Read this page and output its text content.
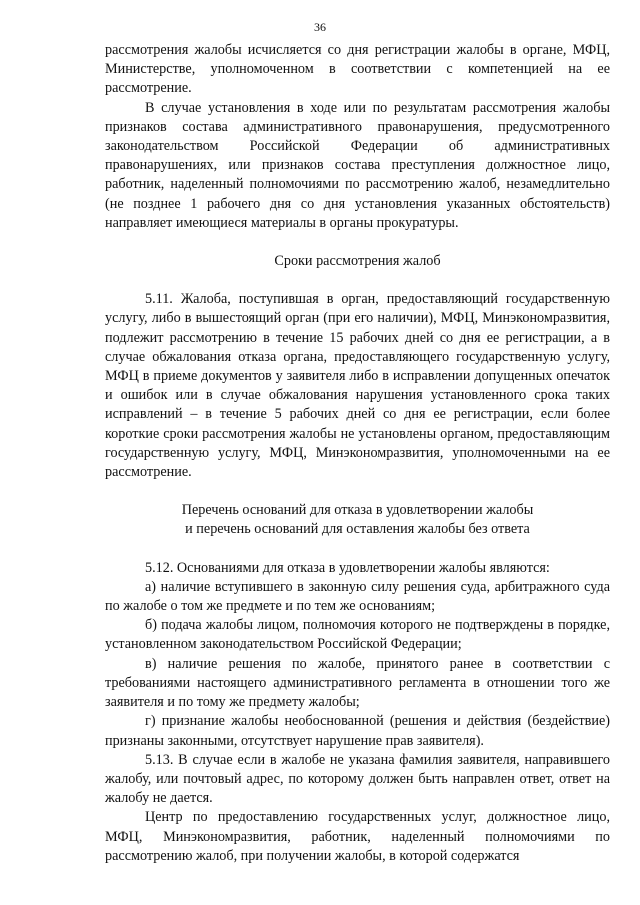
36

рассмотрения жалобы исчисляется со дня регистрации жалобы в органе, МФЦ, Министерстве, уполномоченном в соответствии с компетенцией на ее рассмотрение.

В случае установления в ходе или по результатам рассмотрения жалобы признаков состава административного правонарушения, предусмотренного законодательством Российской Федерации об административных правонарушениях, или признаков состава преступления должностное лицо, работник, наделенный полномочиями по рассмотрению жалоб, незамедлительно (не позднее 1 рабочего дня со дня установления указанных обстоятельств) направляет имеющиеся материалы в органы прокуратуры.

Сроки рассмотрения жалоб

5.11. Жалоба, поступившая в орган, предоставляющий государственную услугу, либо в вышестоящий орган (при его наличии), МФЦ, Минэкономразвития, подлежит рассмотрению в течение 15 рабочих дней со дня ее регистрации, а в случае обжалования отказа органа, предоставляющего государственную услугу, МФЦ в приеме документов у заявителя либо в исправлении допущенных опечаток и ошибок или в случае обжалования нарушения установленного срока таких исправлений – в течение 5 рабочих дней со дня ее регистрации, если более короткие сроки рассмотрения жалобы не установлены органом, предоставляющим государственную услугу, МФЦ, Минэкономразвития, уполномоченными на ее рассмотрение.

Перечень оснований для отказа в удовлетворении жалобы

и перечень оснований для оставления жалобы без ответа

5.12. Основаниями для отказа в удовлетворении жалобы являются:

а) наличие вступившего в законную силу решения суда, арбитражного суда по жалобе о том же предмете и по тем же основаниям;

б) подача жалобы лицом, полномочия которого не подтверждены в порядке, установленном законодательством Российской Федерации;

в) наличие решения по жалобе, принятого ранее в соответствии с требованиями настоящего административного регламента в отношении того же заявителя и по тому же предмету жалобы;

г) признание жалобы необоснованной (решения и действия (бездействие) признаны законными, отсутствует нарушение прав заявителя).

5.13. В случае если в жалобе не указана фамилия заявителя, направившего жалобу, или почтовый адрес, по которому должен быть направлен ответ, ответ на жалобу не дается.

Центр по предоставлению государственных услуг, должностное лицо, МФЦ, Минэкономразвития, работник, наделенный полномочиями по рассмотрению жалоб, при получении жалобы, в которой содержатся
